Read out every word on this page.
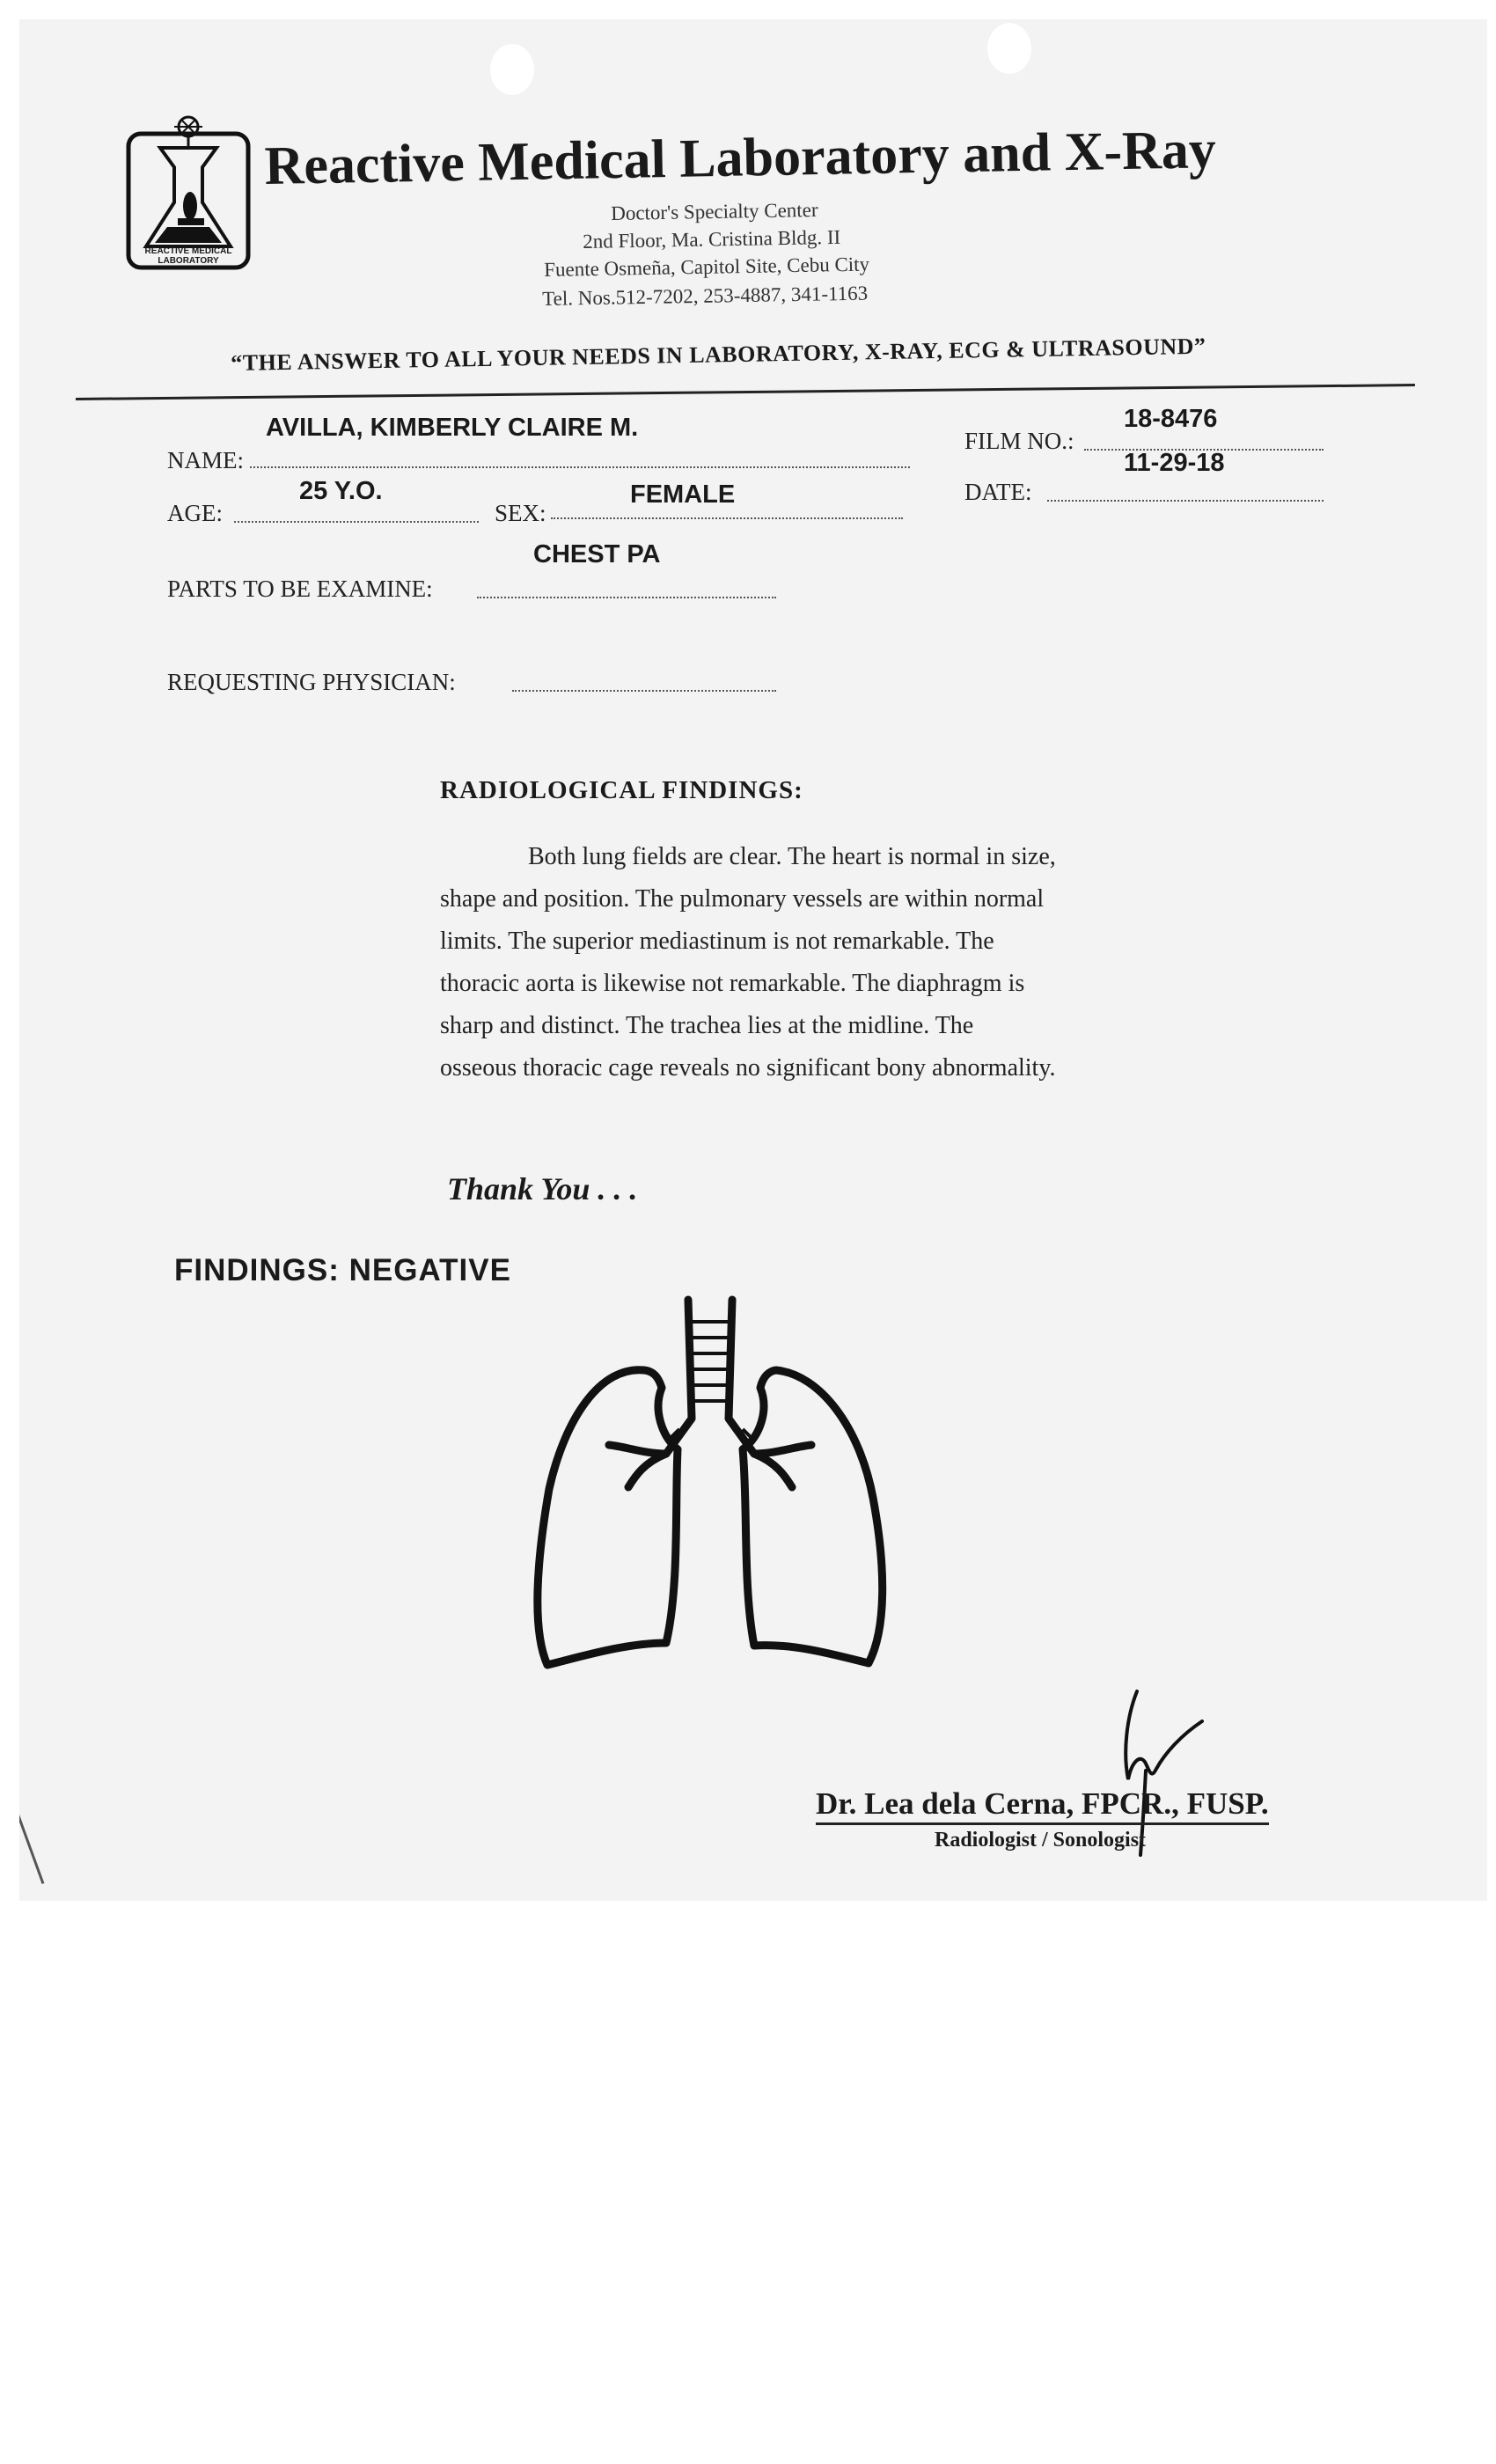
REACTIVE MEDICAL LABORATORY
Reactive Medical Laboratory and X-Ray
Doctor's Specialty Center
2nd Floor, Ma. Cristina Bldg. II
Fuente Osmeña, Capitol Site, Cebu City
Tel. Nos.512-7202, 253-4887, 341-1163
“THE ANSWER TO ALL YOUR NEEDS IN LABORATORY, X-RAY, ECG & ULTRASOUND”
AVILLA, KIMBERLY CLAIRE M.
NAME:
18-8476
FILM NO.:
25 Y.O.
AGE:	SEX:
FEMALE
11-29-18
DATE:
CHEST PA
PARTS TO BE EXAMINE:
REQUESTING PHYSICIAN:
RADIOLOGICAL FINDINGS:
Both lung fields are clear. The heart is normal in size, shape and position. The pulmonary vessels are within normal limits. The superior mediastinum is not remarkable. The thoracic aorta is likewise not remarkable. The diaphragm is sharp and distinct. The trachea lies at the midline. The osseous thoracic cage reveals no significant bony abnormality.
Thank You . . .
FINDINGS: NEGATIVE
Dr. Lea dela Cerna, FPCR., FUSP.
Radiologist / Sonologist
